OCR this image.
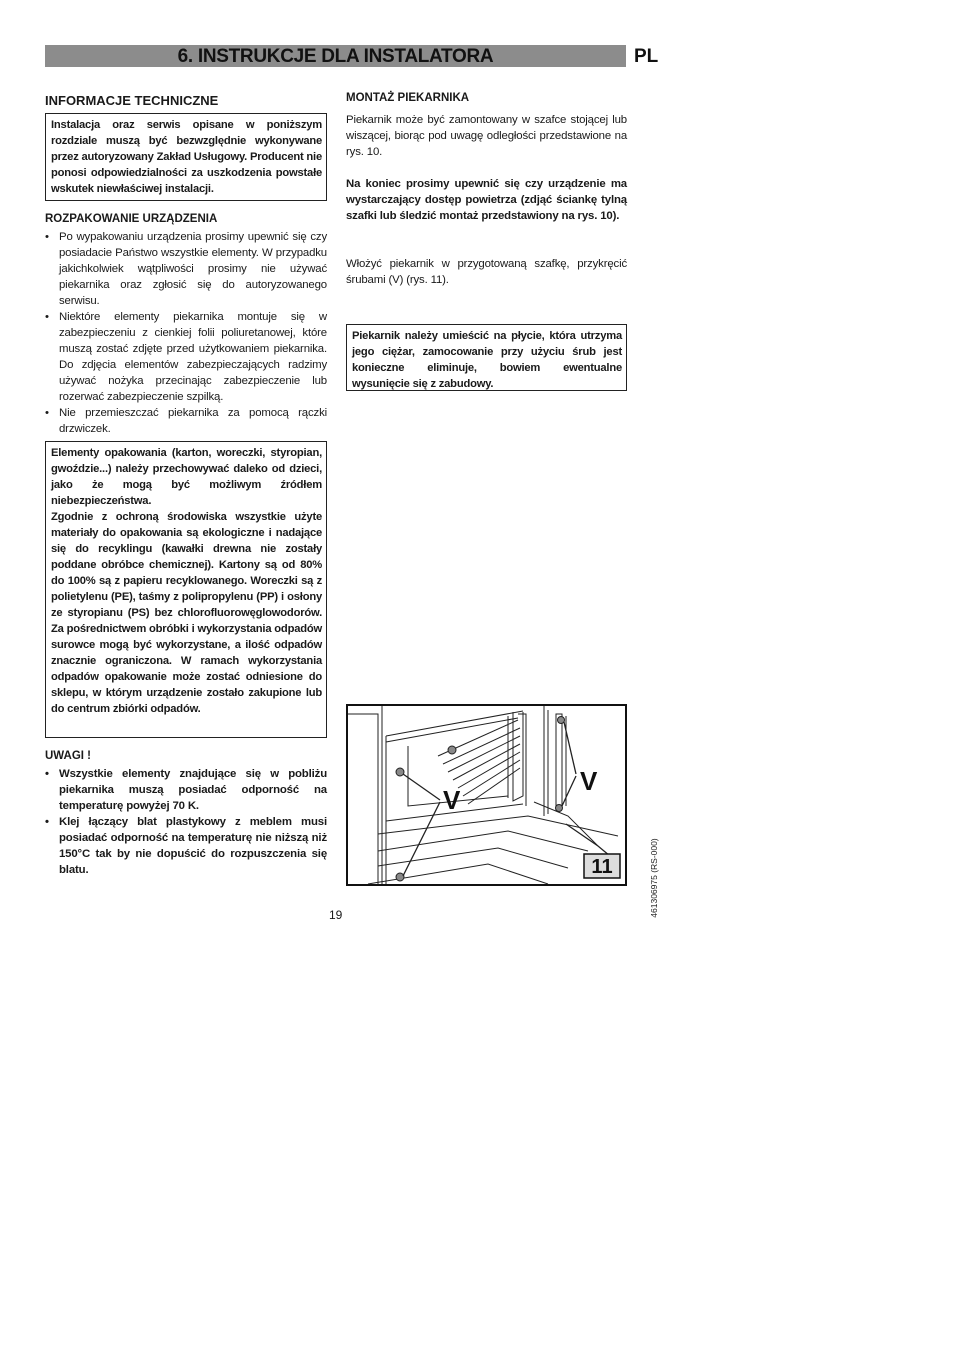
6. INSTRUKCJE DLA INSTALATORA	PL
INFORMACJE TECHNICZNE

Instalacja oraz serwis opisane w poniższym rozdziale muszą być bezwzględnie wykonywane przez autoryzowany Zakład Usługowy. Producent nie ponosi odpowiedzialności za uszkodzenia powstałe wskutek niewłaściwej instalacji.

ROZPAKOWANIE URZĄDZENIA
• Po wypakowaniu urządzenia prosimy upewnić się czy posiadacie Państwo wszystkie elementy. W przypadku jakichkolwiek wątpliwości prosimy nie używać piekarnika oraz zgłosić się do autoryzowanego serwisu.
• Niektóre elementy piekarnika montuje się w zabezpieczeniu z cienkiej folii poliuretanowej, które muszą zostać zdjęte przed użytkowaniem piekarnika. Do zdjęcia elementów zabezpieczających radzimy używać nożyka przecinając zabezpieczenie lub rozerwać zabezpieczenie szpilką.
• Nie przemieszczać piekarnika za pomocą rączki drzwiczek.

Elementy opakowania (karton, woreczki, styropian, gwoździe...) należy przechowywać daleko od dzieci, jako że mogą być możliwym źródłem niebezpieczeństwa.

Zgodnie z ochroną środowiska wszystkie użyte materiały do opakowania są ekologiczne i nadające się do recyklingu (kawałki drewna nie zostały poddane obróbce chemicznej). Kartony są od 80% do 100% są z papieru recyklowanego. Woreczki są z polietylenu (PE), taśmy z polipropylenu (PP) i osłony ze styropianu (PS) bez chlorofluorowęglowodorów. Za pośrednictwem obróbki i wykorzystania odpadów surowce mogą być wykorzystane, a ilość odpadów znacznie ograniczona. W ramach wykorzystania odpadów opakowanie może zostać odniesione do sklepu, w którym urządzenie zostało zakupione lub do centrum zbiórki odpadów.

UWAGI !
• Wszystkie elementy znajdujące się w pobliżu piekarnika muszą posiadać odporność na temperaturę powyżej 70 K.
• Klej łączący blat plastykowy z meblem musi posiadać odporność na temperaturę nie niższą niż 150°C tak by nie dopuścić do rozpuszczenia się blatu.
MONTAŻ PIEKARNIKA

Piekarnik może być zamontowany w szafce stojącej lub wiszącej, biorąc pod uwagę odległości przedstawione na rys. 10.

Na koniec prosimy upewnić się czy urządzenie ma wystarczający dostęp powietrza (zdjąć ściankę tylną szafki lub śledzić montaż przedstawiony na rys. 10).

Włożyć piekarnik w przygotowaną szafkę, przykręcić śrubami (V) (rys. 11).

Piekarnik należy umieścić na płycie, która utrzyma jego ciężar, zamocowanie przy użyciu śrub jest konieczne eliminuje, bowiem ewentualne wysunięcie się z zabudowy.

V
V
11
19	461306975 (RS-000)
